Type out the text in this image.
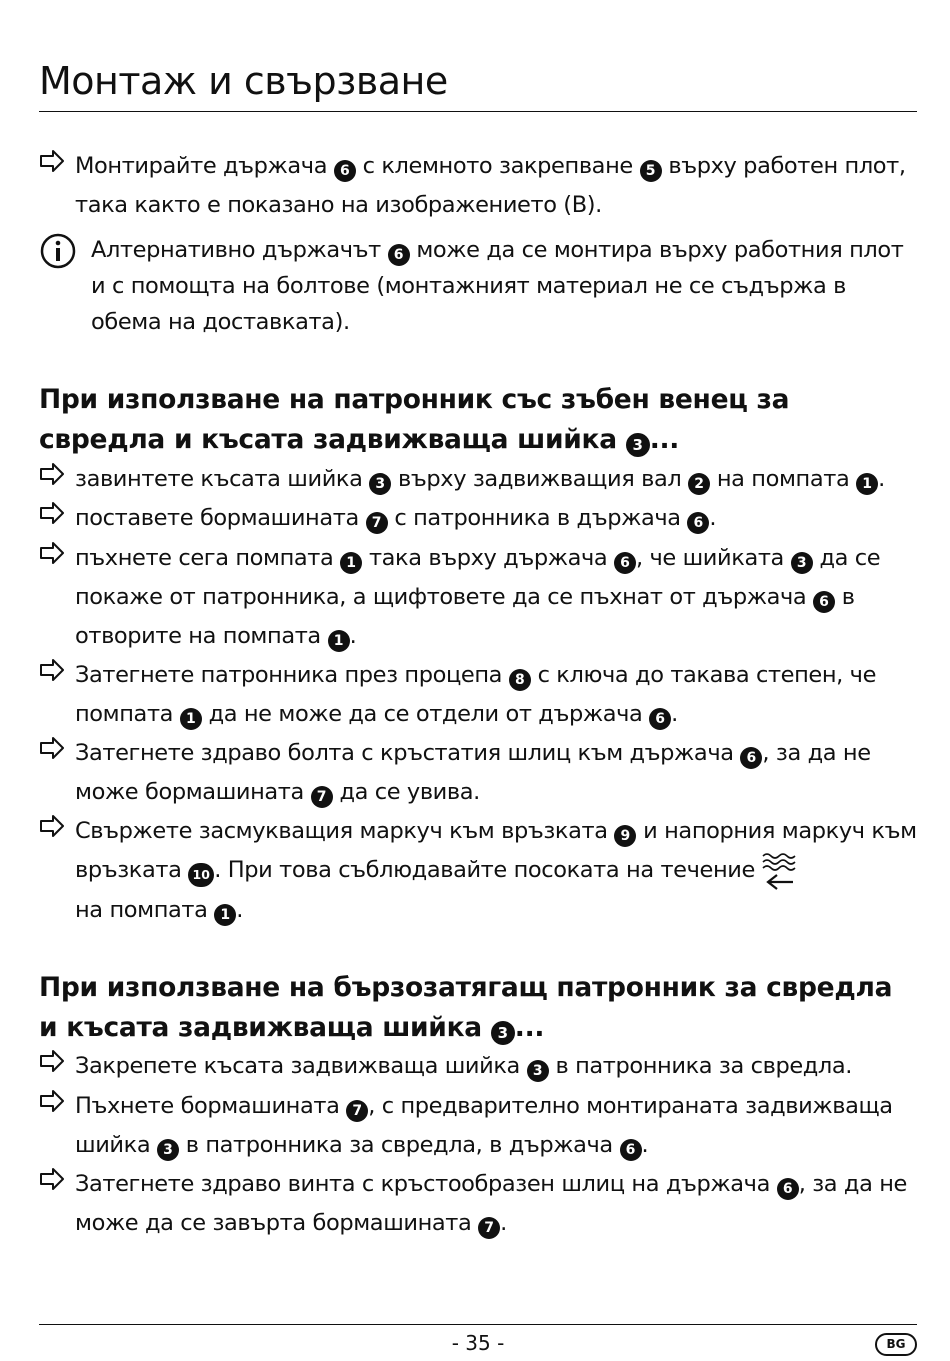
Монтаж и свързване
Монтирайте държача 6 с клемното закрепване 5 върху работен плот, така както е показано на изображението (B).
Алтернативно държачът 6 може да се монтира върху работния плот и с помощта на болтове (монтажният материал не се съдържа в обема на доставката).
При използване на патронник със зъбен венец за свредла и късата задвижваща шийка 3 ...
завинтете късата шийка 3 върху задвижващия вал 2 на помпата 1 .
поставете бормашината 7 с патронника в държача 6 .
пъхнете сега помпата 1 така върху държача 6 , че шийката 3 да се покаже от патронника, а щифтовете да се пъхнат от държача 6 в отворите на помпата 1 .
Затегнете патронника през процепа 8 с ключа до такава степен, че помпата 1 да не може да се отдели от държача 6 .
Затегнете здраво болта с кръстатия шлиц към държача 6 , за да не може бормашината 7 да се увива.
Свържете засмукващия маркуч към връзката 9 и напорния маркуч към връзката 10 . При това съблюдавайте посоката на течение
на помпата 1 .
При използване на бързозатягащ патронник за свредла и късата задвижваща шийка 3 ...
Закрепете късата задвижваща шийка 3 в патронника за свредла.
Пъхнете бормашината 7 , с предварително монтираната задвижваща шийка 3 в патронника за свредла, в държача 6 .
Затегнете здраво винта с кръстообразен шлиц на държача 6 , за да не може да се завърта бормашината 7 .
- 35 -	BG
